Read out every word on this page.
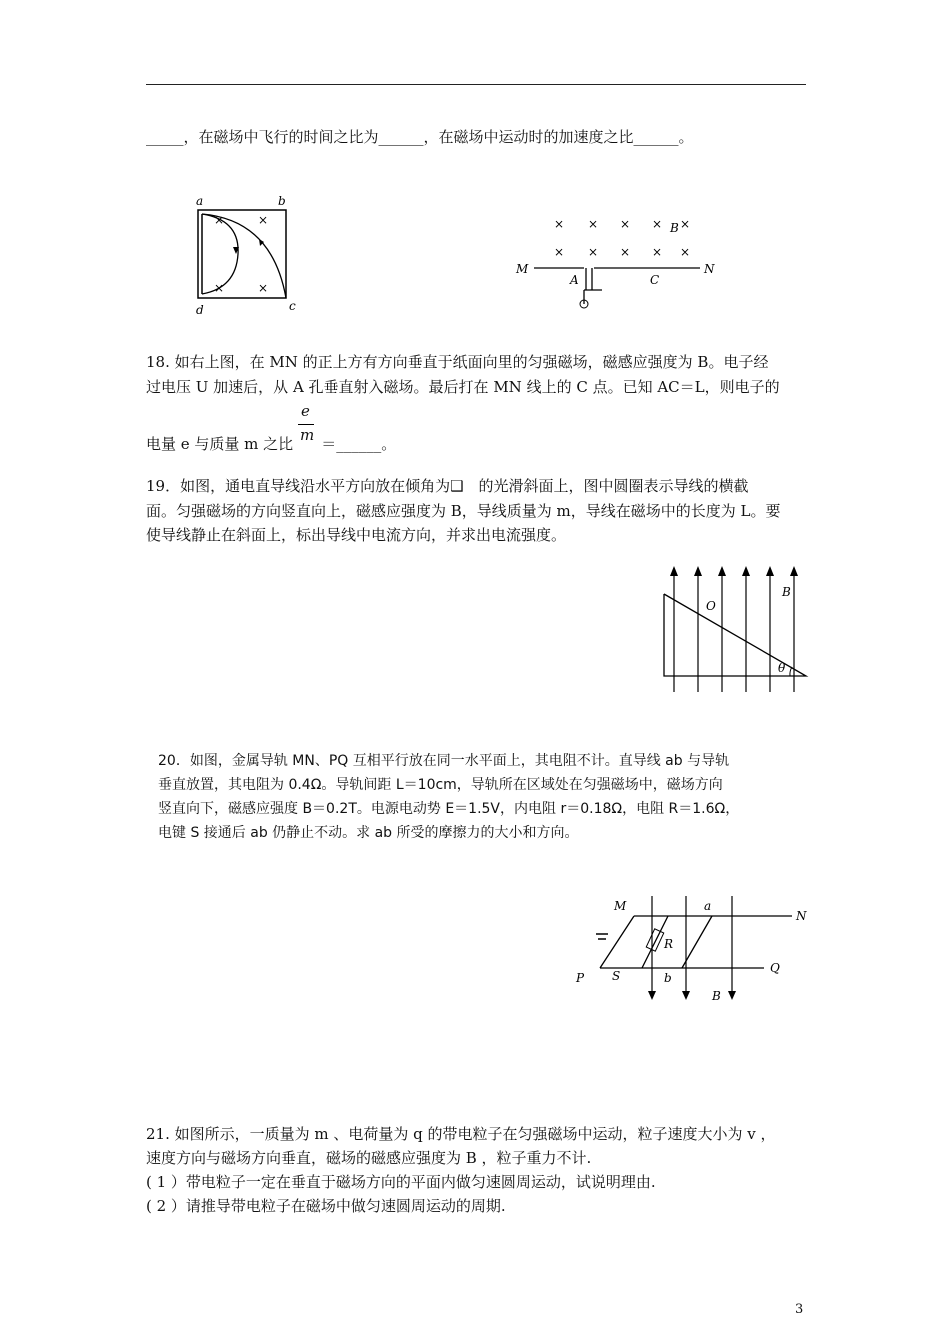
_____，在磁场中飞行的时间之比为______，在磁场中运动时的加速度之比______。
×	×
×	×
a	b
c
d
× × × × ×
× × × × ×
B
M	N
A	C
18. 如右上图，在 MN 的正上方有方向垂直于纸面向里的匀强磁场，磁感应强度为 B。电子经
过电压 U 加速后，从 A 孔垂直射入磁场。最后打在 MN 线上的 C 点。已知 AC＝L，则电子的
e
m
电量 e 与质量 m 之比 ＝______。
19．如图，通电直导线沿水平方向放在倾角为❑　的光滑斜面上，图中圆圈表示导线的横截
面。匀强磁场的方向竖直向上，磁感应强度为 B，导线质量为 m，导线在磁场中的长度为 L。要
使导线静止在斜面上，标出导线中电流方向，并求出电流强度。
O
B
θ
20．如图，金属导轨 MN、PQ 互相平行放在同一水平面上，其电阻不计。直导线 ab 与导轨
垂直放置，其电阻为 0.4Ω。导轨间距 L＝10cm，导轨所在区域处在匀强磁场中，磁场方向
竖直向下，磁感应强度 B＝0.2T。电源电动势 E＝1.5V，内电阻 r＝0.18Ω，电阻 R＝1.6Ω，
电键 S 接通后 ab 仍静止不动。求 ab 所受的摩擦力的大小和方向。
M
N
a
R
P S	b
B
Q
21. 如图所示，一质量为 m 、电荷量为 q 的带电粒子在匀强磁场中运动，粒子速度大小为 v ，
速度方向与磁场方向垂直，磁场的磁感应强度为 B ，粒子重力不计.
( 1 ）带电粒子一定在垂直于磁场方向的平面内做匀速圆周运动，试说明理由.
( 2 ）请推导带电粒子在磁场中做匀速圆周运动的周期.
3
